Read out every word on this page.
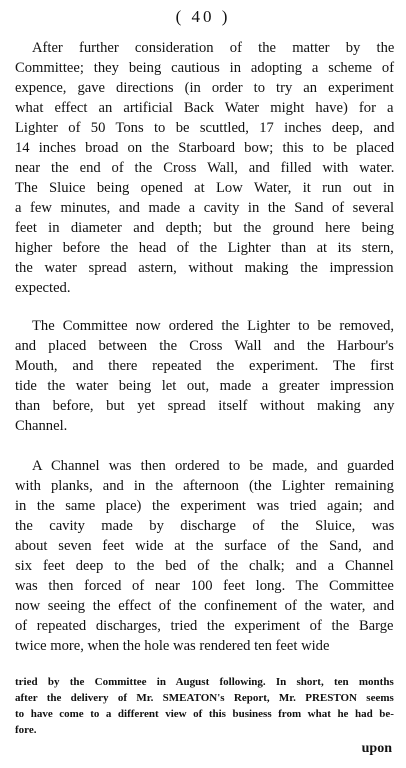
( 40 )
After further consideration of the matter by the
Committee; they being cautious in adopting a scheme of
expence, gave directions (in order to try an experiment
what effect an artificial Back Water might have) for a
Lighter of 50 Tons to be scuttled, 17 inches deep, and
14 inches broad on the Starboard bow; this to be placed
near the end of the Cross Wall, and filled with water.
The Sluice being opened at Low Water, it run out in
a few minutes, and made a cavity in the Sand of several
feet in diameter and depth; but the ground here being
higher before the head of the Lighter than at its stern,
the water spread astern, without making the impression
expected.
The Committee now ordered the Lighter to be removed,
and placed between the Cross Wall and the Harbour's
Mouth, and there repeated the experiment. The first
tide the water being let out, made a greater impression
than before, but yet spread itself without making any
Channel.
A Channel was then ordered to be made, and guarded
with planks, and in the afternoon (the Lighter remaining
in the same place) the experiment was tried again; and
the cavity made by discharge of the Sluice, was
about seven feet wide at the surface of the Sand, and
six feet deep to the bed of the chalk; and a Channel
was then forced of near 100 feet long. The Committee
now seeing the effect of the confinement of the water, and
of repeated discharges, tried the experiment of the Barge
twice more, when the hole was rendered ten feet wide
tried by the Committee in August following. In short, ten months
after the delivery of Mr. SMEATON's Report, Mr. PRESTON seems
to have come to a different view of this business from what he had be-
fore.
upon
